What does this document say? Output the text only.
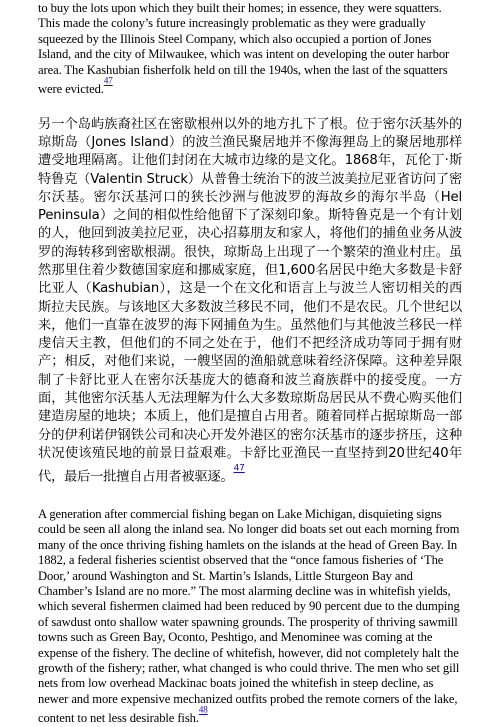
to buy the lots upon which they built their homes; in essence, they were squatters. This made the colony’s future increasingly problematic as they were gradually squeezed by the Illinois Steel Company, which also occupied a portion of Jones Island, and the city of Milwaukee, which was intent on developing the outer harbor area. The Kashubian fisherfolk held on till the 1940s, when the last of the squatters were evicted.$^{47}$

另一个岛屿族裔社区在密歇根州以外的地方扎下了根。位于密尔沃基外的琼斯岛（Jones Island）的波兰渔民聚居地并不像海狸岛上的聚居地那样遭受地理隔离。让他们封闭在大城市边缘的是文化。1868年，瓦伦丁·斯特鲁克（Valentin Struck）从普鲁士统治下的波兰波美拉尼亚省访问了密尔沃基。密尔沃基河口的狭长沙洲与他波罗的海故乡的海尔半岛（Hel Peninsula）之间的相似性给他留下了深刻印象。斯特鲁克是一个有计划的人，他回到波美拉尼亚，决心招募朋友和家人，将他们的捕鱼业务从波罗的海转移到密歇根湖。很快，琼斯岛上出现了一个繁荣的渔业村庄。虽然那里住着少数德国家庭和挪威家庭，但1,600名居民中绝大多数是卡舒比亚人（Kashubian），这是一个在文化和语言上与波兰人密切相关的西斯拉夫民族。与该地区大多数波兰移民不同，他们不是农民。几个世纪以来，他们一直靠在波罗的海下网捕鱼为生。虽然他们与其他波兰移民一样虔信天主教，但他们的不同之处在于，他们不把经济成功等同于拥有财产；相反，对他们来说，一艘坚固的渔船就意味着经济保障。这种差异限制了卡舒比亚人在密尔沃基庞大的德裔和波兰裔族群中的接受度。一方面，其他密尔沃基人无法理解为什么大多数琼斯岛居民从不费心购买他们建造房屋的地块；本质上，他们是擅自占用者。随着同样占据琼斯岛一部分的伊利诺伊钢铁公司和决心开发外港区的密尔沃基市的逐步挤压，这种状况使该殖民地的前景日益艰难。卡舒比亚渔民一直坚持到20世纪40年代，最后一批擅自占用者被驱逐。$^{^{47}}$

A generation after commercial fishing began on Lake Michigan, disquieting signs could be seen all along the inland sea. No longer did boats set out each morning from many of the once thriving fishing hamlets on the islands at the head of Green Bay. In 1882, a federal fisheries scientist observed that the “once famous fisheries of ‘The Door,’ around Washington and St. Martin’s Islands, Little Sturgeon Bay and Chamber’s Island are no more.” The most alarming decline was in whitefish yields, which several fishermen claimed had been reduced by 90 percent due to the dumping of sawdust onto shallow water spawning grounds. The prosperity of thriving sawmill towns such as Green Bay, Oconto, Peshtigo, and Menominee was coming at the expense of the fishery. The decline of whitefish, however, did not completely halt the growth of the fishery; rather, what changed is who could thrive. The men who set gill nets from low overhead Mackinac boats joined the whitefish in steep decline, as newer and more expensive mechanized outfits probed the remote corners of the lake, content to net less desirable fish.$^{48}$
